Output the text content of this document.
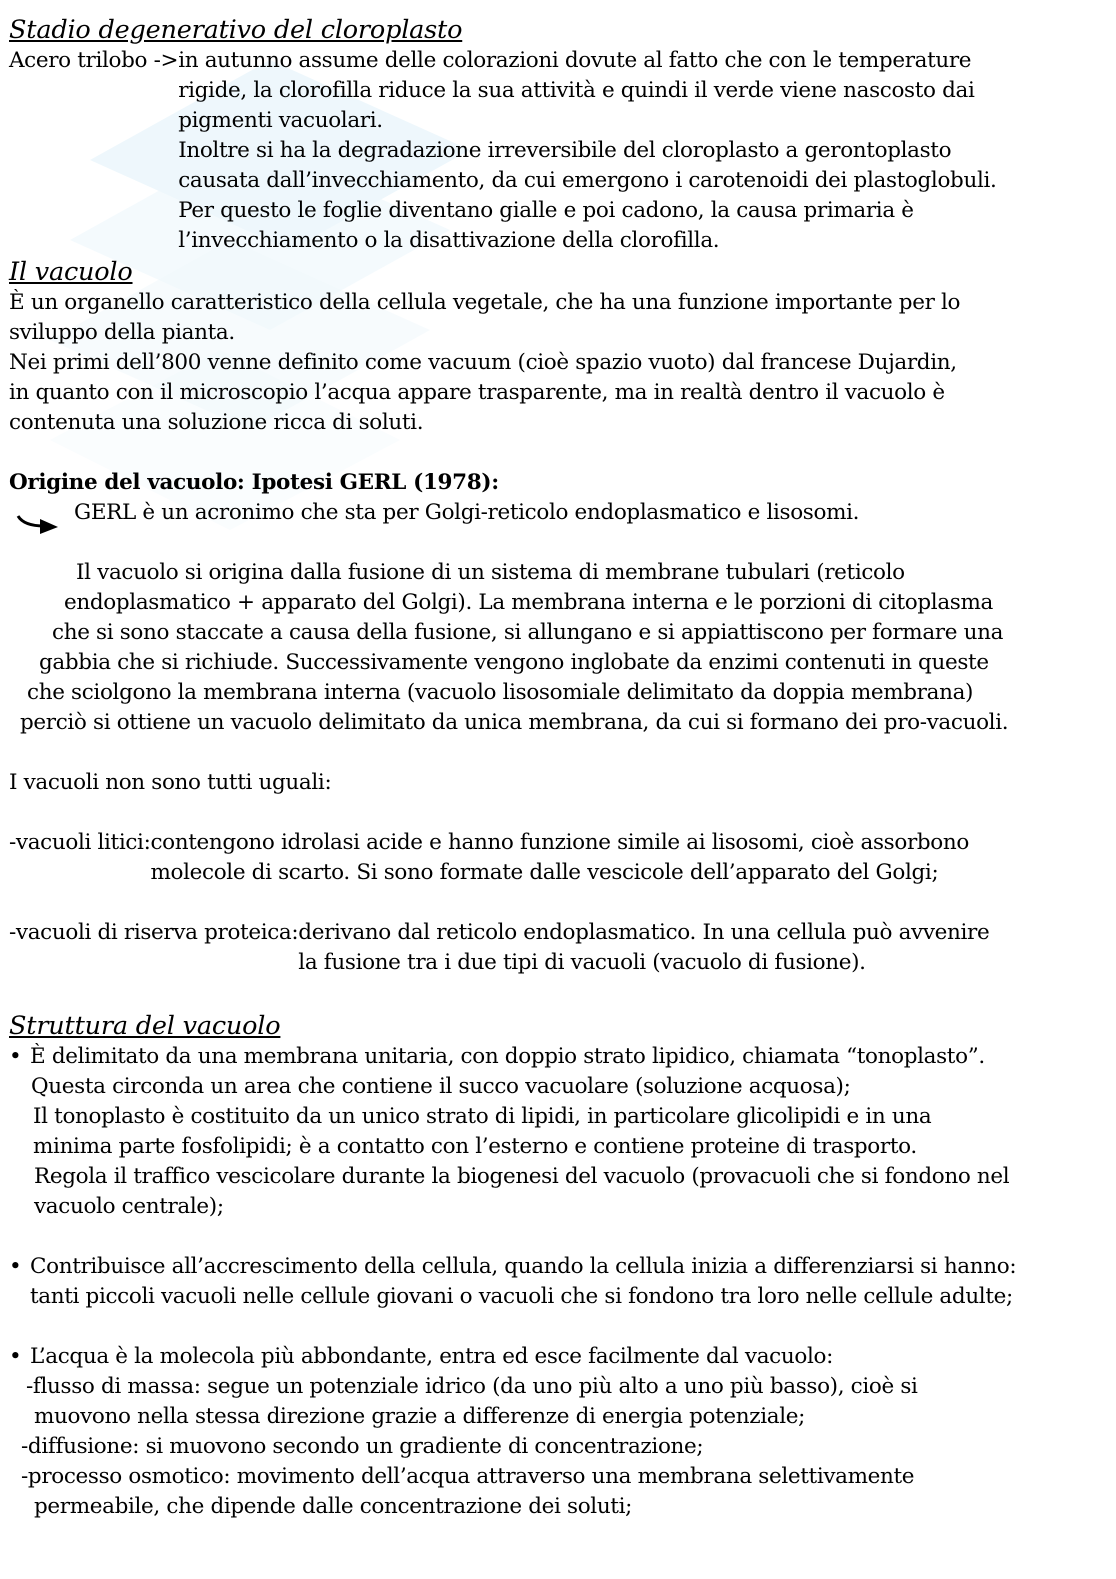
Stadio degenerativo del cloroplasto
Acero trilobo -> in autunno assume delle colorazioni dovute al fatto che con le temperature
rigide, la clorofilla riduce la sua attività e quindi il verde viene nascosto dai
pigmenti vacuolari.
Inoltre si ha la degradazione irreversibile del cloroplasto a gerontoplasto
causata dall’invecchiamento, da cui emergono i carotenoidi dei plastoglobuli.
Per questo le foglie diventano gialle e poi cadono, la causa primaria è
l’invecchiamento o la disattivazione della clorofilla.
Il vacuolo
È un organello caratteristico della cellula vegetale, che ha una funzione importante per lo
sviluppo della pianta.
Nei primi dell’800 venne definito come vacuum (cioè spazio vuoto) dal francese Dujardin,
in quanto con il microscopio l’acqua appare trasparente, ma in realtà dentro il vacuolo è
contenuta una soluzione ricca di soluti.
Origine del vacuolo: Ipotesi GERL (1978):
GERL è un acronimo che sta per Golgi-reticolo endoplasmatico e lisosomi.
Il vacuolo si origina dalla fusione di un sistema di membrane tubulari (reticolo
endoplasmatico + apparato del Golgi). La membrana interna e le porzioni di citoplasma
che si sono staccate a causa della fusione, si allungano e si appiattiscono per formare una
gabbia che si richiude. Successivamente vengono inglobate da enzimi contenuti in queste
che sciolgono la membrana interna (vacuolo lisosomiale delimitato da doppia membrana)
perciò si ottiene un vacuolo delimitato da unica membrana, da cui si formano dei pro-vacuoli.
I vacuoli non sono tutti uguali:
-vacuoli litici: contengono idrolasi acide e hanno funzione simile ai lisosomi, cioè assorbono
molecole di scarto. Si sono formate dalle vescicole dell’apparato del Golgi;
-vacuoli di riserva proteica: derivano dal reticolo endoplasmatico. In una cellula può avvenire
la fusione tra i due tipi di vacuoli (vacuolo di fusione).
Struttura del vacuolo
• È delimitato da una membrana unitaria, con doppio strato lipidico, chiamata “tonoplasto”.
Questa circonda un area che contiene il succo vacuolare (soluzione acquosa);
Il tonoplasto è costituito da un unico strato di lipidi, in particolare glicolipidi e in una
minima parte fosfolipidi; è a contatto con l’esterno e contiene proteine di trasporto.
Regola il traffico vescicolare durante la biogenesi del vacuolo (provacuoli che si fondono nel
vacuolo centrale);
• Contribuisce all’accrescimento della cellula, quando la cellula inizia a differenziarsi si hanno:
tanti piccoli vacuoli nelle cellule giovani o vacuoli che si fondono tra loro nelle cellule adulte;
• L’acqua è la molecola più abbondante, entra ed esce facilmente dal vacuolo:
-flusso di massa: segue un potenziale idrico (da uno più alto a uno più basso), cioè si
muovono nella stessa direzione grazie a differenze di energia potenziale;
-diffusione: si muovono secondo un gradiente di concentrazione;
-processo osmotico: movimento dell’acqua attraverso una membrana selettivamente
permeabile, che dipende dalle concentrazione dei soluti;
